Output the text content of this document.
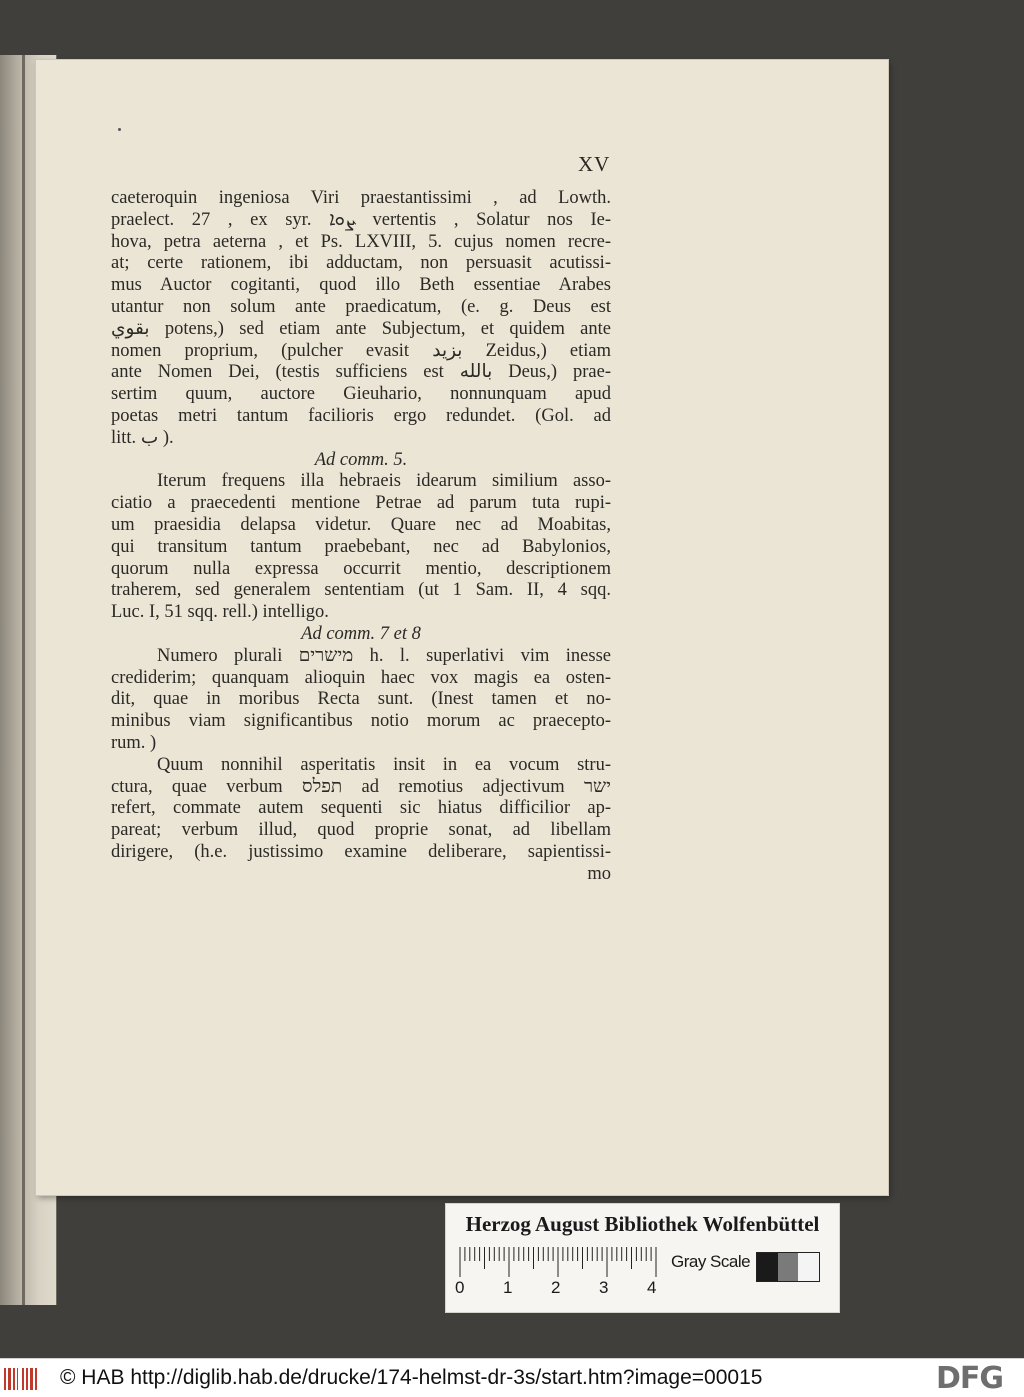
XV
caeteroquin ingeniosa Viri praestantissimi , ad Lowth.
praelect. 27 , ex syr. ܨܘܐ vertentis , Solatur nos Ie-
hova, petra aeterna , et Ps. LXVIII, 5. cujus nomen recre-
at; certe rationem, ibi adductam, non persuasit acutissi-
mus Auctor cogitanti, quod illo Beth essentiae Arabes
utantur non solum ante praedicatum, (e. g. Deus est
بقوي potens,) sed etiam ante Subjectum, et quidem ante
nomen proprium, (pulcher evasit بزيد Zeidus,) etiam
ante Nomen Dei, (testis sufficiens est بالله Deus,) prae-
sertim quum, auctore Gieuhario, nonnunquam apud
poetas metri tantum facilioris ergo redundet. (Gol. ad
litt. ب ).
Ad comm. 5.
Iterum frequens illa hebraeis idearum similium asso-
ciatio a praecedenti mentione Petrae ad parum tuta rupi-
um praesidia delapsa videtur. Quare nec ad Moabitas,
qui transitum tantum praebebant, nec ad Babylonios,
quorum nulla expressa occurrit mentio, descriptionem
traherem, sed generalem sententiam (ut 1 Sam. II, 4 sqq.
Luc. I, 51 sqq. rell.) intelligo.
Ad comm. 7 et 8
Numero plurali מישרים h. l. superlativi vim inesse
crediderim; quanquam alioquin haec vox magis ea osten-
dit, quae in moribus Recta sunt. (Inest tamen et no-
minibus viam significantibus notio morum ac praecepto-
rum. )
Quum nonnihil asperitatis insit in ea vocum stru-
ctura, quae verbum תפלס ad remotius adjectivum ישר
refert, commate autem sequenti sic hiatus difficilior ap-
pareat; verbum illud, quod proprie sonat, ad libellam
dirigere, (h.e. justissimo examine deliberare, sapientissi-
mo
Herzog August Bibliothek Wolfenbüttel
0 1 2 3 4
Gray Scale
© HAB http://diglib.hab.de/drucke/174-helmst-dr-3s/start.htm?image=00015	DFG
